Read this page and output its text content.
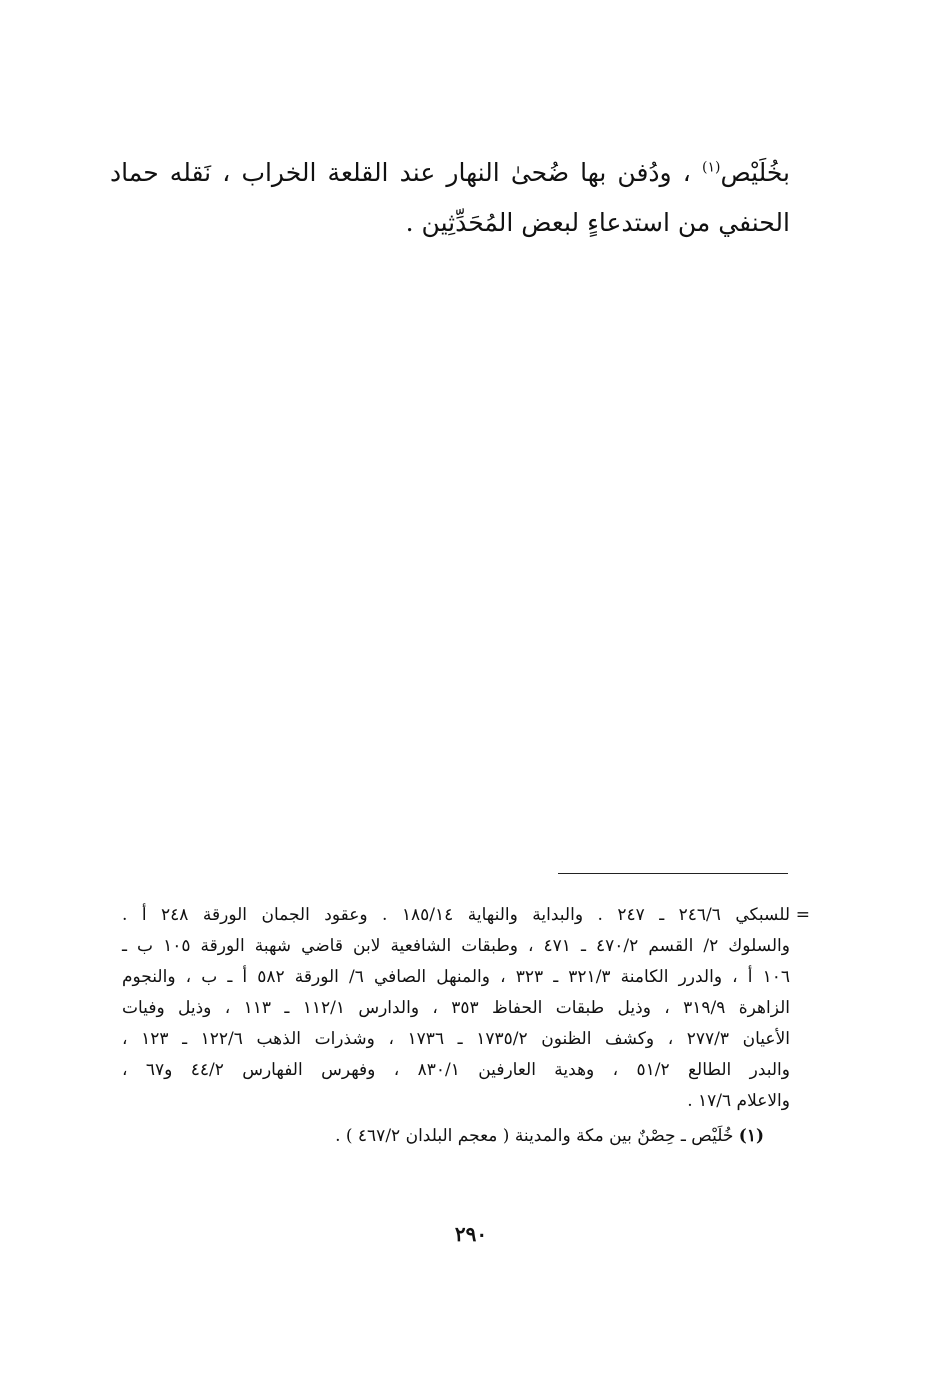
بخُلَيْص$^{(١)}$ ، ودُفن بها ضُحىٰ النهار عند القلعة الخراب ، نَقله حماد
الحنفي من استدعاءٍ لبعض المُحَدِّثِين .
=
للسبكي ٢٤٦/٦ ـ ٢٤٧ . والبداية والنهاية ١٨٥/١٤ . وعقود الجمان الورقة ٢٤٨ أ .
والسلوك ٢/ القسم ٤٧٠/٢ ـ ٤٧١ ، وطبقات الشافعية لابن قاضي شهبة الورقة ١٠٥ ب ـ
١٠٦ أ ، والدرر الكامنة ٣٢١/٣ ـ ٣٢٣ ، والمنهل الصافي ٦/ الورقة ٥٨٢ أ ـ ب ، والنجوم
الزاهرة ٣١٩/٩ ، وذيل طبقات الحفاظ ٣٥٣ ، والدارس ١١٢/١ ـ ١١٣ ، وذيل وفيات
الأعيان ٢٧٧/٣ ، وكشف الظنون ١٧٣٥/٢ ـ ١٧٣٦ ، وشذرات الذهب ١٢٢/٦ ـ ١٢٣ ،
والبدر الطالع ٥١/٢ ، وهدية العارفين ٨٣٠/١ ، وفهرس الفهارس ٤٤/٢ و٦٧ ،
والاعلام ١٧/٦ .
(١) خُلَيْص ـ حِصْنٌ بين مكة والمدينة ( معجم البلدان ٤٦٧/٢ ) .
٢٩٠
